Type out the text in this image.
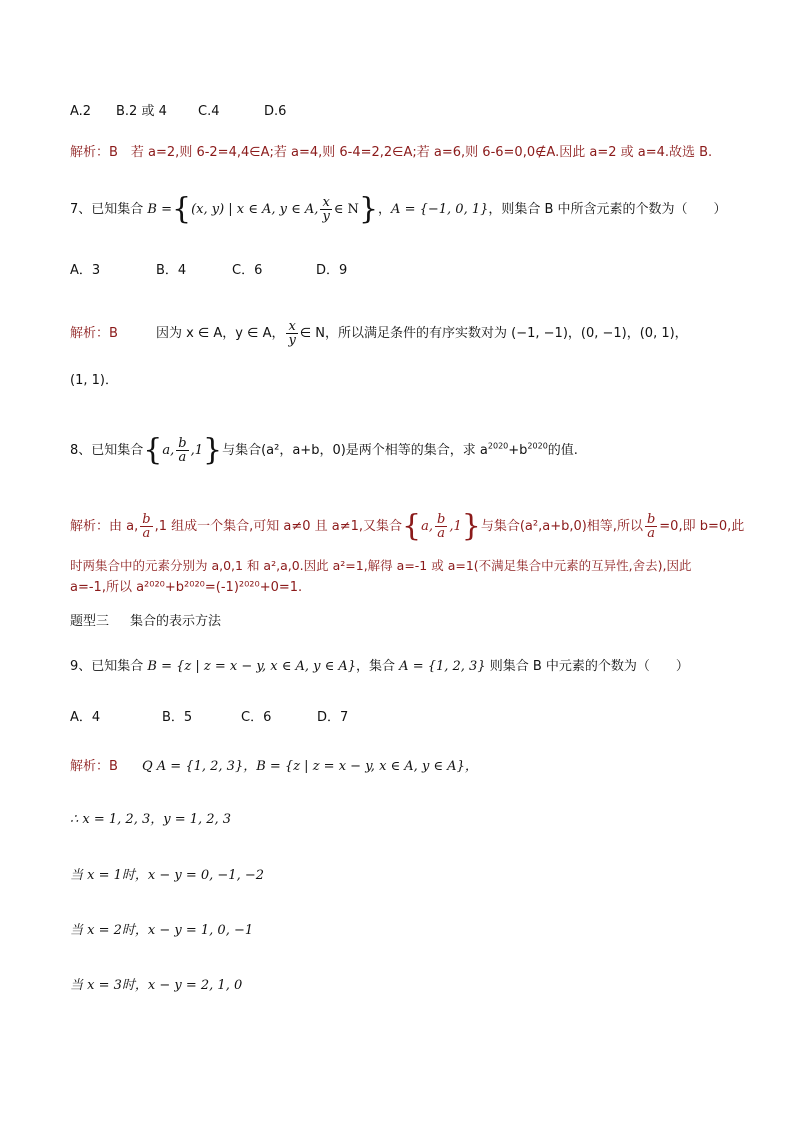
A.2 B.2 或 4 C.4	D.6
解析：B　若 a=2,则 6-2=4,4∈A;若 a=4,则 6-4=2,2∈A;若 a=6,则 6-6=0,0∉A.因此 a=2 或 a=4.故选 B.
7、已知集合 B ={(x, y) | x ∈ A, y ∈ A, $\frac{x}{y}$ ∈ N}，A = {−1, 0, 1}，则集合 B 中所含元素的个数为（　　）
A．3	B．4	C．6	D．9
解析：B	因为 x ∈ A，y ∈ A， $\frac{x}{y}$ ∈ N，所以满足条件的有序实数对为 (−1, −1)，(0, −1)，(0, 1)，
(1, 1)．
8、已知集合{a, $\frac{b}{a} ,1$}与集合(a²，a+b，0)是两个相等的集合，求 $a^{2020}+b^{2020}$的值.
解析：由 a, $\frac{b}{a} ,1$ 组成一个集合,可知 a≠0 且 a≠1,又集合{a, $\frac{b}{a} ,1$}与集合(a²,a+b,0)相等,所以 $\frac{b}{a} =0$,即 b=0,此
时两集合中的元素分别为 a,0,1 和 a²,a,0.因此 a²=1,解得 a=-1 或 a=1(不满足集合中元素的互异性,舍去),因此
a=-1,所以 a²⁰²⁰+b²⁰²⁰=(-1)²⁰²⁰+0=1.
题型三 集合的表示方法
9、已知集合 B = {z | z = x − y, x ∈ A, y ∈ A}，集合 A = {1, 2, 3} 则集合 B 中元素的个数为（　　）
A．4	B．5	C．6	D．7
解析：B Q A = {1, 2, 3}，B = {z | z = x − y, x ∈ A, y ∈ A}，
∴ x = 1, 2, 3，y = 1, 2, 3
当 x = 1时，x − y = 0, −1, −2
当 x = 2时，x − y = 1, 0, −1
当 x = 3时，x − y = 2, 1, 0
